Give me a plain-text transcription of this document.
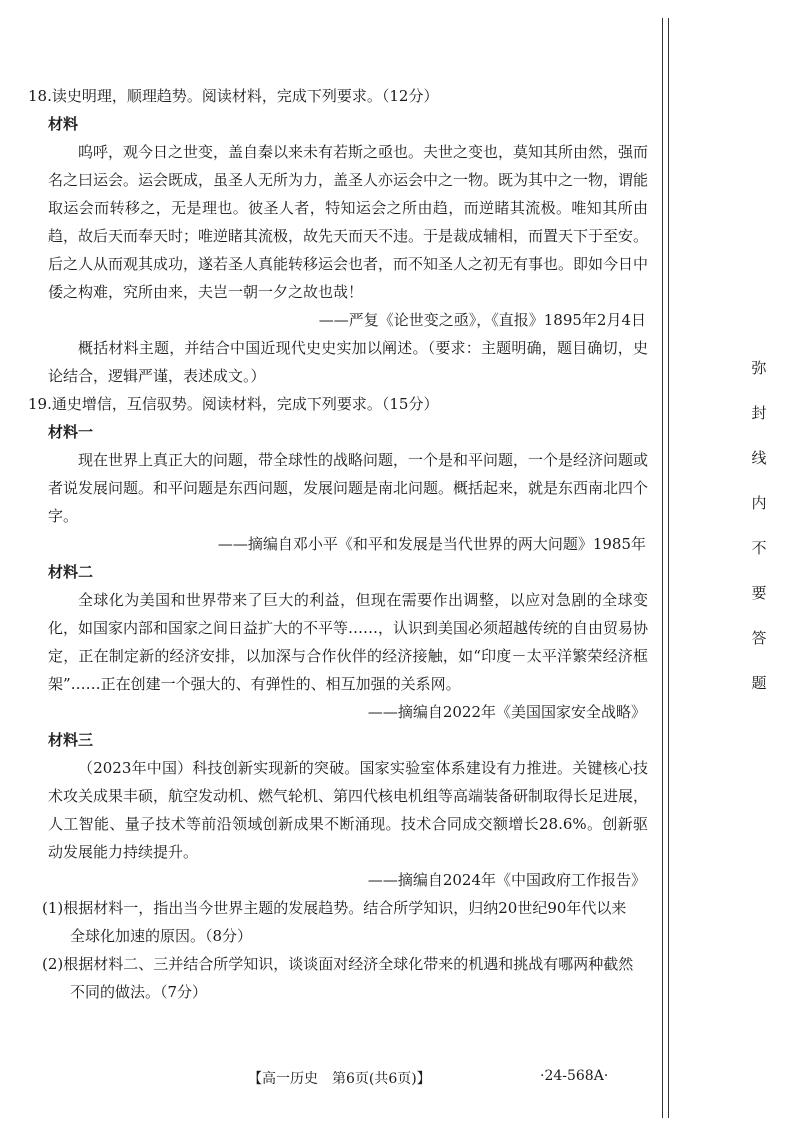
18.读史明理，顺理趋势。阅读材料，完成下列要求。（12分）

材料

呜呼，观今日之世变，盖自秦以来未有若斯之亟也。夫世之变也，莫知其所由然，强而名之曰运会。运会既成，虽圣人无所为力，盖圣人亦运会中之一物。既为其中之一物，谓能取运会而转移之，无是理也。彼圣人者，特知运会之所由趋，而逆睹其流极。唯知其所由趋，故后天而奉天时；唯逆睹其流极，故先天而天不违。于是裁成辅相，而置天下于至安。后之人从而观其成功，遂若圣人真能转移运会也者，而不知圣人之初无有事也。即如今日中倭之构难，究所由来，夫岂一朝一夕之故也哉！

——严复《论世变之亟》，《直报》1895年2月4日

概括材料主题，并结合中国近现代史史实加以阐述。（要求：主题明确，题目确切，史论结合，逻辑严谨，表述成文。）

19.通史增信，互信驭势。阅读材料，完成下列要求。（15分）

材料一

现在世界上真正大的问题，带全球性的战略问题，一个是和平问题，一个是经济问题或者说发展问题。和平问题是东西问题，发展问题是南北问题。概括起来，就是东西南北四个字。

——摘编自邓小平《和平和发展是当代世界的两大问题》1985年

材料二

全球化为美国和世界带来了巨大的利益，但现在需要作出调整，以应对急剧的全球变化，如国家内部和国家之间日益扩大的不平等……，认识到美国必须超越传统的自由贸易协定，正在制定新的经济安排，以加深与合作伙伴的经济接触，如“印度－太平洋繁荣经济框架”……正在创建一个强大的、有弹性的、相互加强的关系网。

——摘编自2022年《美国国家安全战略》

材料三

（2023年中国）科技创新实现新的突破。国家实验室体系建设有力推进。关键核心技术攻关成果丰硕，航空发动机、燃气轮机、第四代核电机组等高端装备研制取得长足进展，人工智能、量子技术等前沿领域创新成果不断涌现。技术合同成交额增长28.6%。创新驱动发展能力持续提升。

——摘编自2024年《中国政府工作报告》

(1)根据材料一，指出当今世界主题的发展趋势。结合所学知识，归纳20世纪90年代以来
全球化加速的原因。（8分）

(2)根据材料二、三并结合所学知识，谈谈面对经济全球化带来的机遇和挑战有哪两种截然
不同的做法。（7分）

【高一历史　第6页(共6页)】	·24-568A·
弥
封
线
内
不
要
答
题
